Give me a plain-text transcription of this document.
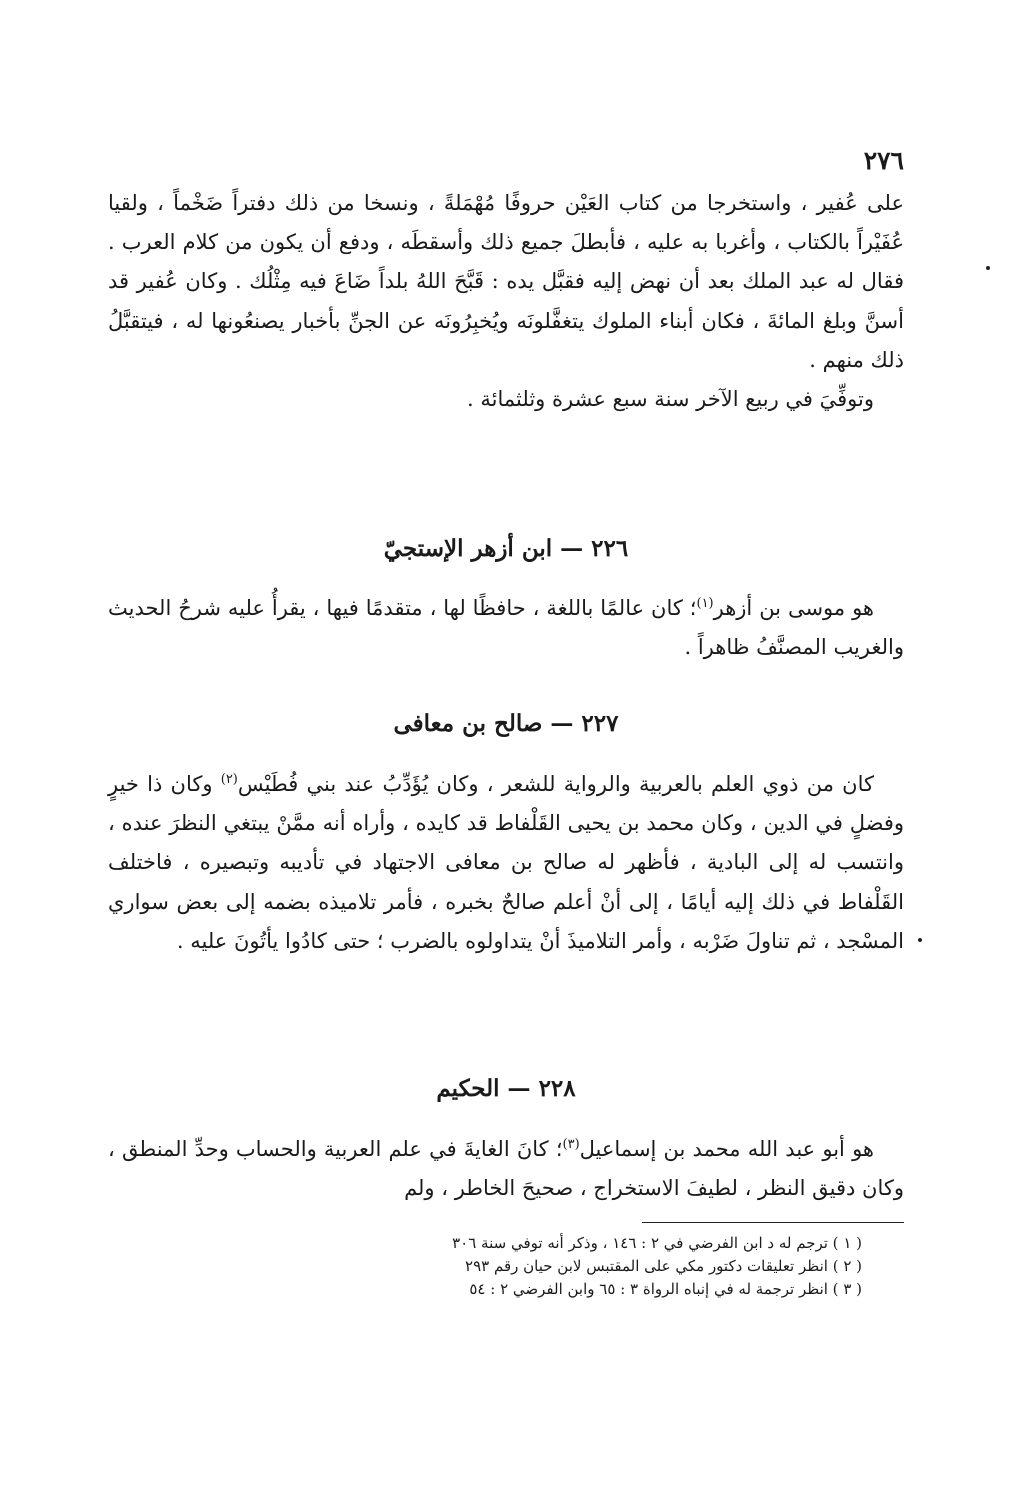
٢٧٦

على عُفير ، واستخرجا من كتاب العَيْن حروفًا مُهْمَلةً ، ونسخا من ذلك دفتراً ضَخْماً ، ولقيا عُفَيْراً بالكتاب ، وأغربا به عليه ، فأبطلَ جميع ذلك وأسقطَه ، ودفع أن يكون من كلام العرب . فقال له عبد الملك بعد أن نهض إليه فقبَّل يده : قَبَّحَ اللهُ بلداً ضَاعَ فيه مِثْلُك . وكان عُفير قد أسنَّ وبلغ المائةَ ، فكان أبناء الملوك يتغفَّلونَه ويُخبِرُونَه عن الجنِّ بأخبار يصنعُونها له ، فيتقبَّلُ ذلك منهم .

وتوفِّيَ في ربيع الآخر سنة سبع عشرة وثلثمائة .

٢٢٦ — ابن أزهر الإستجيّ
هو موسى بن أزهر$^{(١)}$؛ كان عالمًا باللغة ، حافظًا لها ، متقدمًا فيها ، يقرأُ عليه شرحُ الحديث والغريب المصنَّفُ ظاهراً .
٢٢٧ — صالح بن معافى
كان من ذوي العلم بالعربية والرواية للشعر ، وكان يُؤَدِّبُ عند بني فُطَيْس$^{(٢)}$ وكان ذا خيرٍ وفضلٍ في الدين ، وكان محمد بن يحيى القَلْفاط قد كايده ، وأراه أنه ممَّنْ يبتغي النظرَ عنده ، وانتسب له إلى البادية ، فأظهر له صالح بن معافى الاجتهاد في تأديبه وتبصيره ، فاختلف القَلْفاط في ذلك إليه أيامًا ، إلى أنْ أعلم صالحٌ بخبره ، فأمر تلاميذه بضمه إلى بعض سواري المسْجد ، ثم تناولَ ضَرْبه ، وأمر التلاميذَ أنْ يتداولوه بالضرب ؛ حتى كادُوا يأتُونَ عليه .
٢٢٨ — الحكيم
هو أبو عبد الله محمد بن إسماعيل$^{(٣)}$؛ كانَ الغايةَ في علم العربية والحساب وحدِّ المنطق ، وكان دقيق النظر ، لطيفَ الاستخراج ، صحيحَ الخاطر ، ولم

( ١ ) ترجم له د ابن الفرضي في ٢ : ١٤٦ ، وذكر أنه توفي سنة ٣٠٦

( ٢ ) انظر تعليقات دكتور مكي على المقتبس لابن حيان رقم ٢٩٣

( ٣ ) انظر ترجمة له في إنباه الرواة ٣ : ٦٥ وابن الفرضي ٢ : ٥٤
